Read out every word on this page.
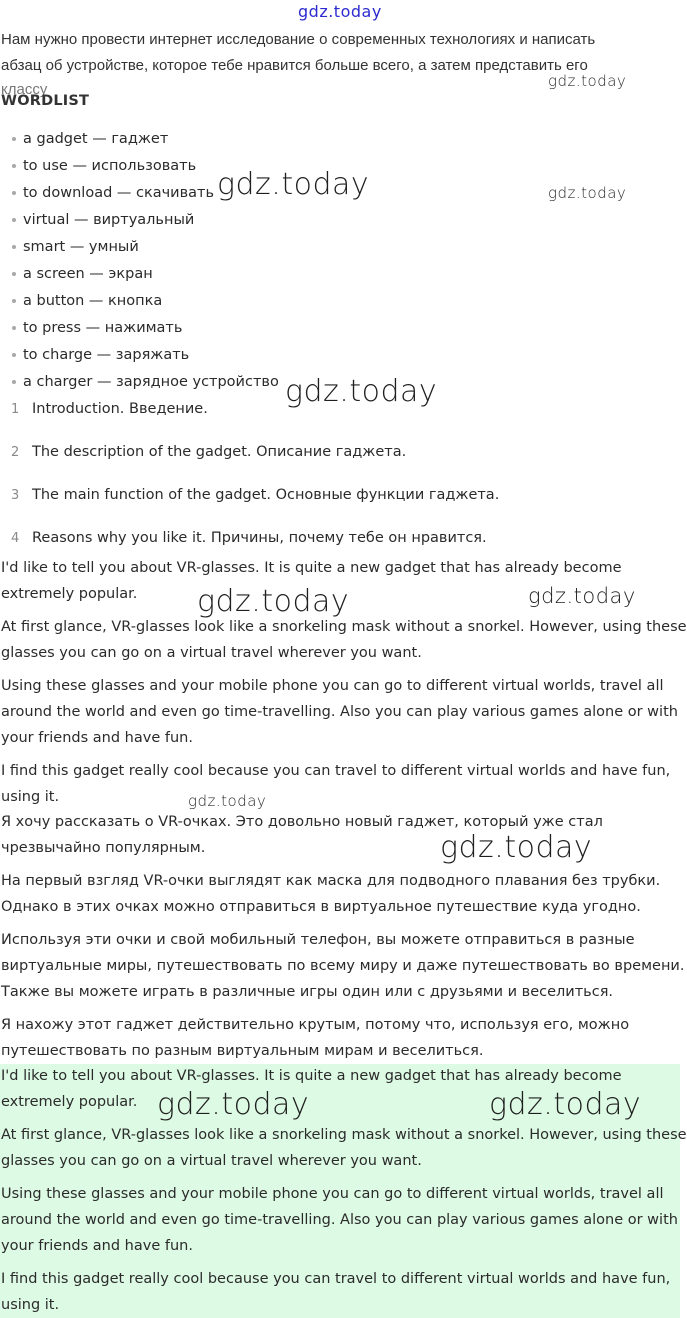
gdz.today
Нам нужно провести интернет исследование о современных технологиях и написать
абзац об устройстве, которое тебе нравится больше всего, а затем представить его
классу
WORDLIST
a gadget — гаджет
to use — использовать
to download — скачивать
virtual — виртуальный
smart — умный
a screen — экран
a button — кнопка
to press — нажимать
to charge — заряжать
a charger — зарядное устройство
1 Introduction. Введение.
2 The description of the gadget. Описание гаджета.
3 The main function of the gadget. Основные функции гаджета.
4 Reasons why you like it. Причины, почему тебе он нравится.
I'd like to tell you about VR-glasses. It is quite a new gadget that has already become
extremely popular.
At first glance, VR-glasses look like a snorkeling mask without a snorkel. However, using these
glasses you can go on a virtual travel wherever you want.
Using these glasses and your mobile phone you can go to different virtual worlds, travel all
around the world and even go time-travelling. Also you can play various games alone or with
your friends and have fun.
I find this gadget really cool because you can travel to different virtual worlds and have fun,
using it.
Я хочу рассказать о VR-очках. Это довольно новый гаджет, который уже стал
чрезвычайно популярным.
На первый взгляд VR-очки выглядят как маска для подводного плавания без трубки.
Однако в этих очках можно отправиться в виртуальное путешествие куда угодно.
Используя эти очки и свой мобильный телефон, вы можете отправиться в разные
виртуальные миры, путешествовать по всему миру и даже путешествовать во времени.
Также вы можете играть в различные игры один или с друзьями и веселиться.
Я нахожу этот гаджет действительно крутым, потому что, используя его, можно
путешествовать по разным виртуальным мирам и веселиться.
I'd like to tell you about VR-glasses. It is quite a new gadget that has already become
extremely popular.
At first glance, VR-glasses look like a snorkeling mask without a snorkel. However, using these
glasses you can go on a virtual travel wherever you want.
Using these glasses and your mobile phone you can go to different virtual worlds, travel all
around the world and even go time-travelling. Also you can play various games alone or with
your friends and have fun.
I find this gadget really cool because you can travel to different virtual worlds and have fun,
using it.
gdz.today
gdz.today	gdz.today
gdz.today
gdz.today	gdz.today
gdz.today
gdz.today
gdz.today	gdz.today
